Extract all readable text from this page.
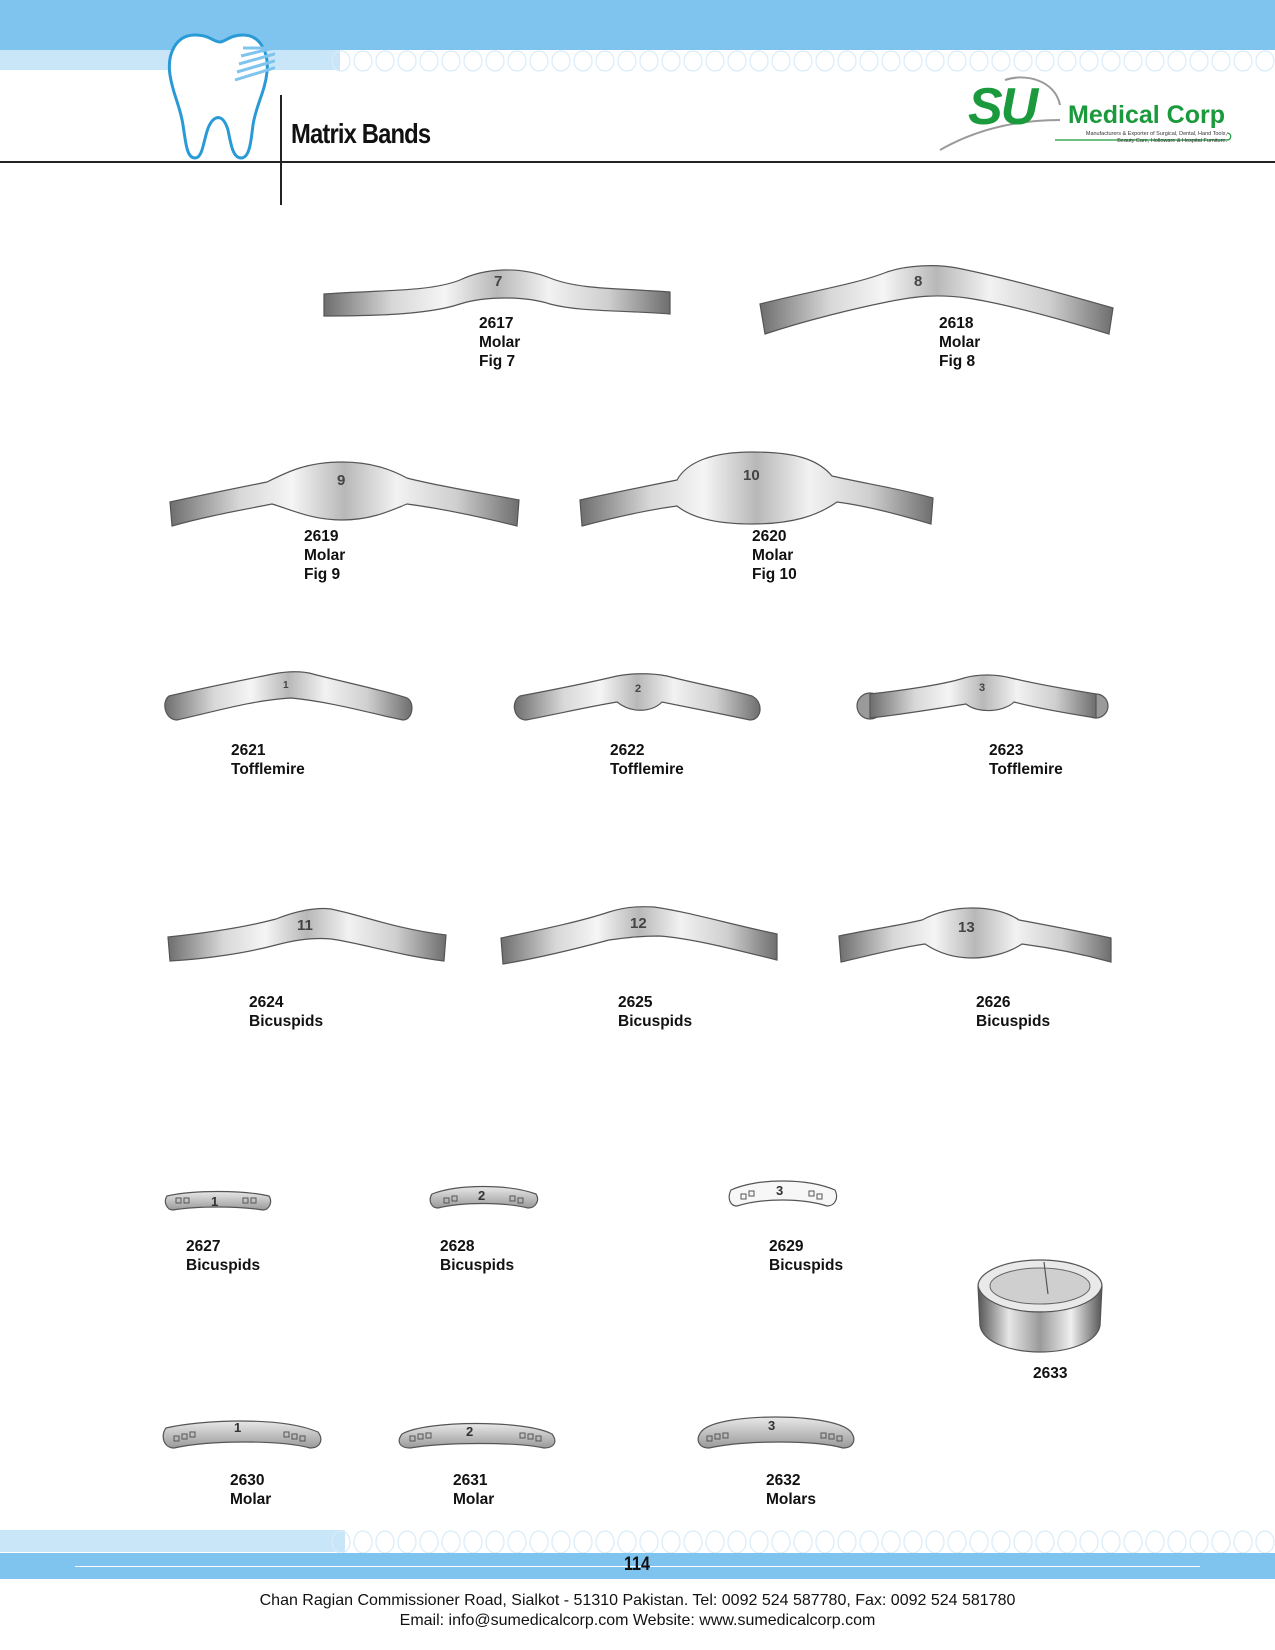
Matrix Bands	SU Medical Corp
Manufacturers & Exporter of Surgical, Dental, Hand Tools,
Beauty Care, Holloware & Hospital Furniture.
7
2617
Molar
Fig 7
8
2618
Molar
Fig 8
9
2619
Molar
Fig 9
10
2620
Molar
Fig 10
1
2621
Tofflemire
2
2622
Tofflemire
3
2623
Tofflemire
11
2624
Bicuspids
12
2625
Bicuspids
13
2626
Bicuspids
1
2627
Bicuspids
2
2628
Bicuspids
3
2629
Bicuspids
2633
1
2630
Molar
2
2631
Molar
3
2632
Molars
114
Chan Ragian Commissioner Road, Sialkot - 51310 Pakistan. Tel: 0092 524 587780, Fax: 0092 524 581780
Email: info@sumedicalcorp.com Website: www.sumedicalcorp.com
